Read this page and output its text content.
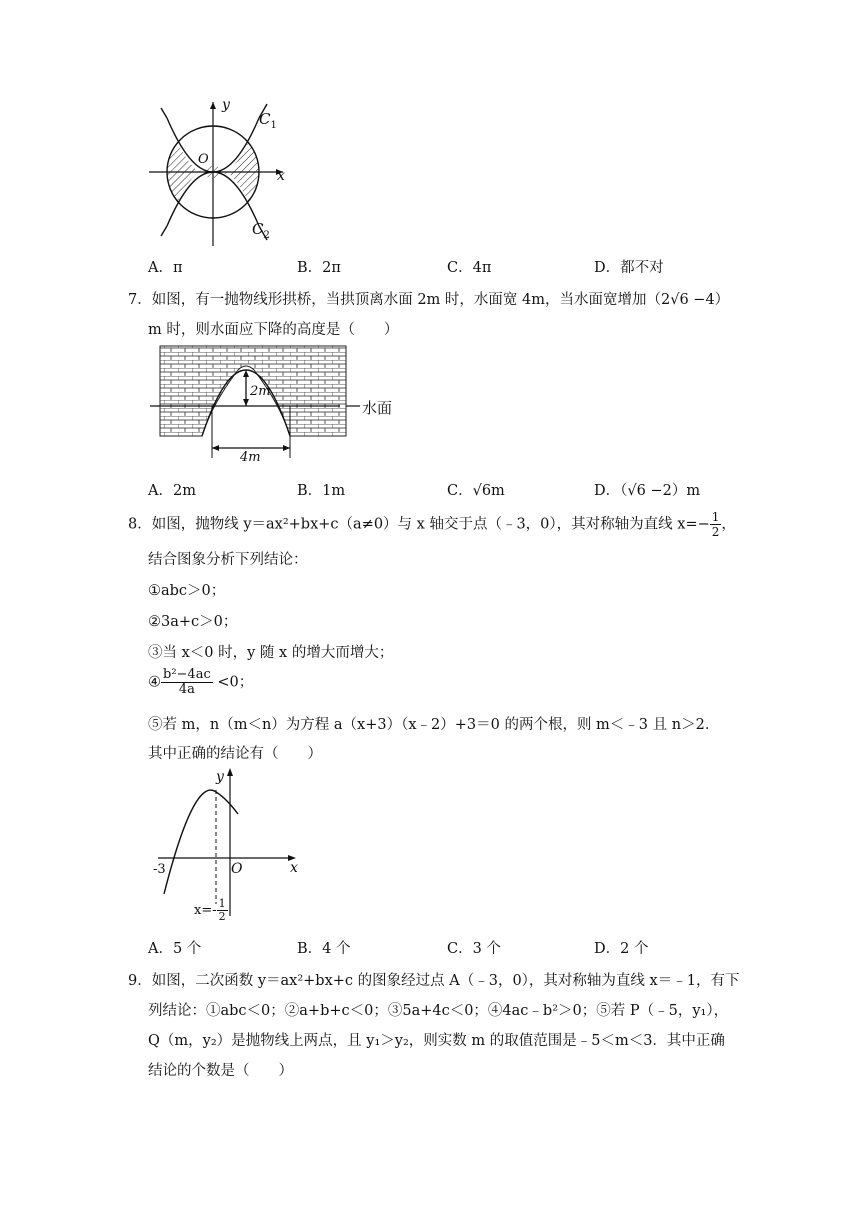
y
x
O
$C_1$
$C_2$
A．π	B．2π	C．4π	D．都不对
7．如图，有一抛物线形拱桥，当拱顶离水面 2m 时，水面宽 4m，当水面宽增加（2√6 −4）
m 时，则水面应下降的高度是（　　）
2m
4m
水面
A．2m	B．1m	C．√6m	D．（√6 −2）m
8．如图，抛物线 y＝ax²+bx+c（a≠0）与 x 轴交于点（﹣3，0），其对称轴为直线 $x=- \frac{1}{2}$ ，
结合图象分析下列结论：
①abc＞0；
②3a+c＞0；
③当 x＜0 时，y 随 x 的增大而增大；
④ $\frac{\text{b²−4ac}}{4a} <0$；
⑤若 m，n（m＜n）为方程 a（x+3）（x﹣2）+3＝0 的两个根，则 m＜﹣3 且 n＞2．
其中正确的结论有（　　）
y
x
O
-3
$x=- \frac{1}{2}$
A．5 个	B．4 个	C．3 个	D．2 个
9．如图，二次函数 y＝ax²+bx+c 的图象经过点 A（﹣3，0），其对称轴为直线 x＝﹣1，有下
列结论：①abc＜0；②a+b+c＜0；③5a+4c＜0；④4ac﹣b²＞0；⑤若 P（﹣5，y₁），
Q（m，y₂）是抛物线上两点，且 y₁＞y₂，则实数 m 的取值范围是﹣5＜m＜3．其中正确
结论的个数是（　　）
